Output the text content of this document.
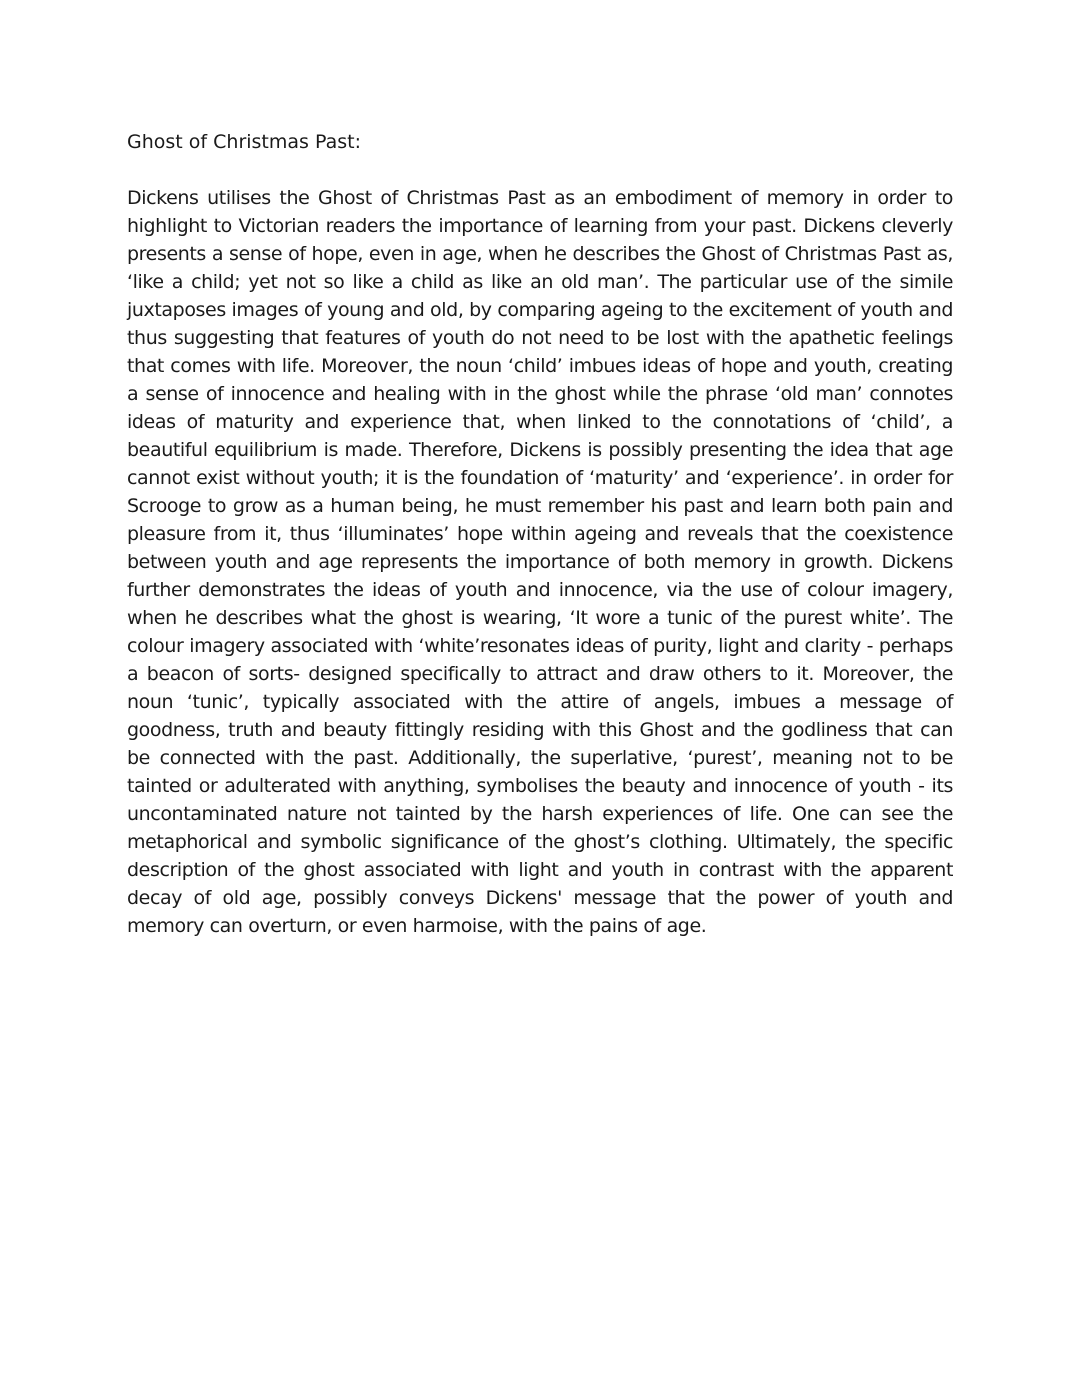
Ghost of Christmas Past:

Dickens utilises the Ghost of Christmas Past as an embodiment of memory in order to highlight to Victorian readers the importance of learning from your past. Dickens cleverly presents a sense of hope, even in age, when he describes the Ghost of Christmas Past as, ‘like a child; yet not so like a child as like an old man’. The particular use of the simile juxtaposes images of young and old, by comparing ageing to the excitement of youth and thus suggesting that features of youth do not need to be lost with the apathetic feelings that comes with life. Moreover, the noun ‘child’ imbues ideas of hope and youth, creating a sense of innocence and healing with in the ghost while the phrase ‘old man’ connotes ideas of maturity and experience that, when linked to the connotations of ‘child’, a beautiful equilibrium is made. Therefore, Dickens is possibly presenting the idea that age cannot exist without youth; it is the foundation of ‘maturity’ and ‘experience’. in order for Scrooge to grow as a human being, he must remember his past and learn both pain and pleasure from it, thus ‘illuminates’ hope within ageing and reveals that the coexistence between youth and age represents the importance of both memory in growth. Dickens further demonstrates the ideas of youth and innocence, via the use of colour imagery, when he describes what the ghost is wearing, ‘It wore a tunic of the purest white’. The colour imagery associated with ‘white’resonates ideas of purity, light and clarity - perhaps a beacon of sorts- designed specifically to attract and draw others to it. Moreover, the noun ‘tunic’, typically associated with the attire of angels, imbues a message of goodness, truth and beauty fittingly residing with this Ghost and the godliness that can be connected with the past. Additionally, the superlative, ‘purest’, meaning not to be tainted or adulterated with anything, symbolises the beauty and innocence of youth - its uncontaminated nature not tainted by the harsh experiences of life. One can see the metaphorical and symbolic significance of the ghost’s clothing. Ultimately, the specific description of the ghost associated with light and youth in contrast with the apparent decay of old age, possibly conveys Dickens' message that the power of youth and memory can overturn, or even harmoise, with the pains of age.
